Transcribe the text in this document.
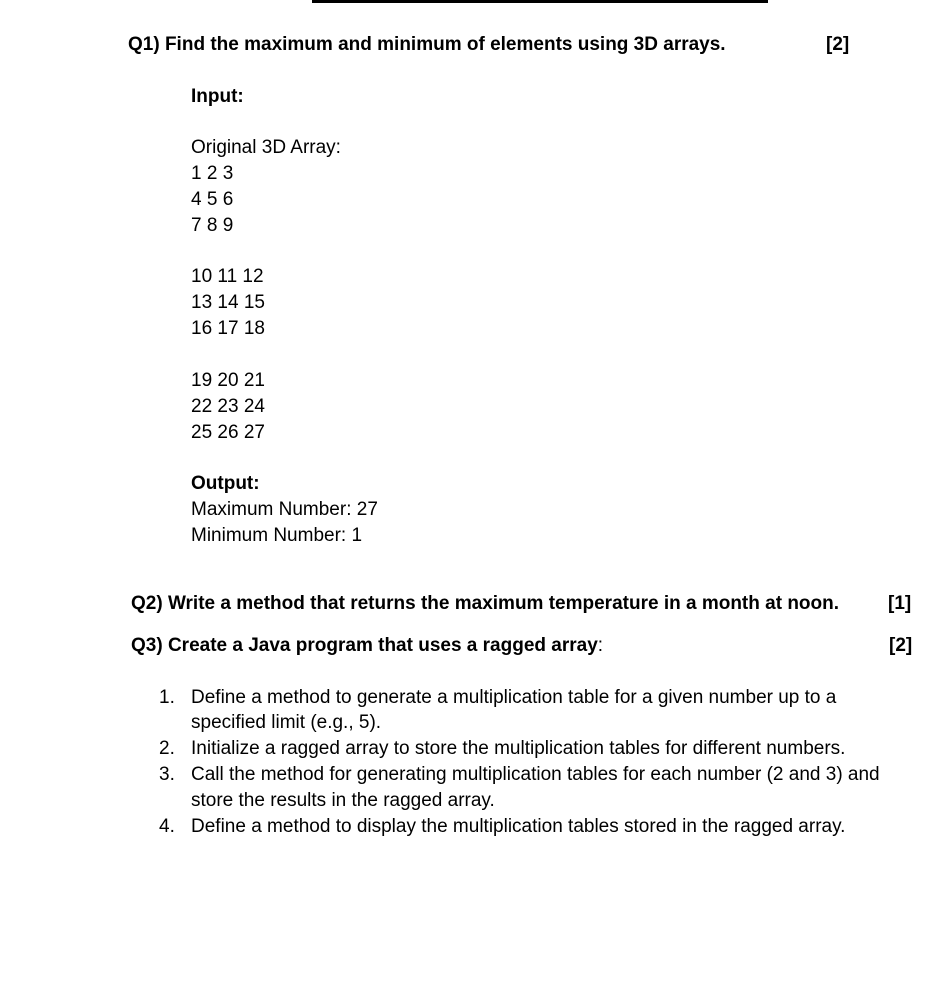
Q1) Find the maximum and minimum of elements using 3D arrays.	[2]
Input:
Original 3D Array:
1 2 3
4 5 6
7 8 9
10 11 12
13 14 15
16 17 18
19 20 21
22 23 24
25 26 27
Output:
Maximum Number: 27
Minimum Number: 1
Q2) Write a method that returns the maximum temperature in a month at noon.	[1]
Q3) Create a Java program that uses a ragged array:	[2]
1. Define a method to generate a multiplication table for a given number up to a
specified limit (e.g., 5).
2. Initialize a ragged array to store the multiplication tables for different numbers.
3. Call the method for generating multiplication tables for each number (2 and 3) and
store the results in the ragged array.
4. Define a method to display the multiplication tables stored in the ragged array.
